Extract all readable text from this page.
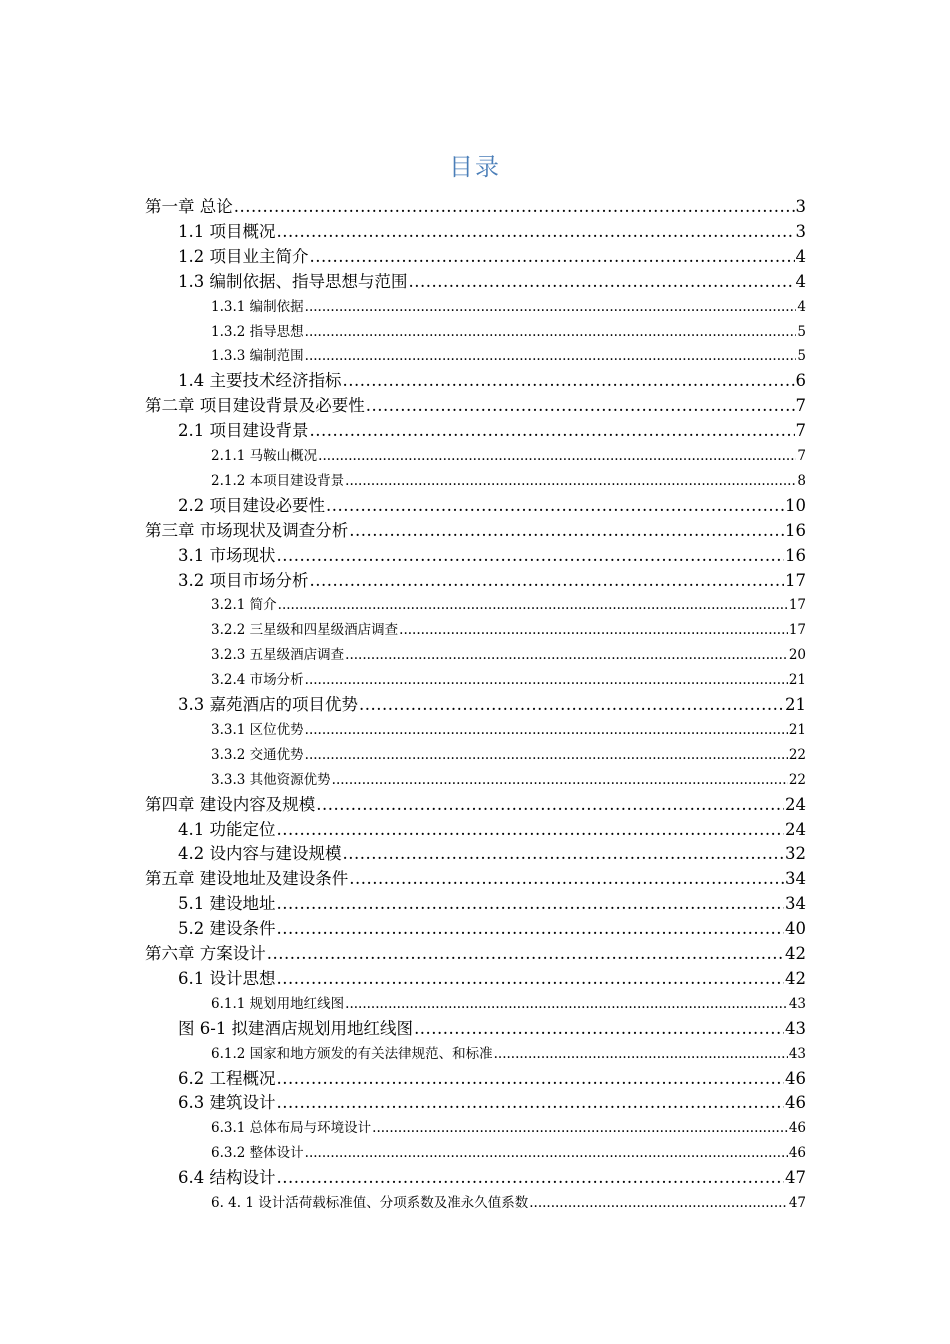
目录
第一章 总论 .....	3
1.1 项目概况 .....	3
1.2 项目业主简介 .....	4
1.3 编制依据、指导思想与范围 .....	4
1.3.1 编制依据 .....	4
1.3.2 指导思想 .....	5
1.3.3 编制范围 .....	5
1.4 主要技术经济指标 .....	6
第二章 项目建设背景及必要性 .....	7
2.1 项目建设背景 .....	7
2.1.1 马鞍山概况 .....	7
2.1.2 本项目建设背景 .....	8
2.2 项目建设必要性 .....	10
第三章 市场现状及调查分析 .....	16
3.1 市场现状 .....	16
3.2 项目市场分析 .....	17
3.2.1 简介 .....	17
3.2.2 三星级和四星级酒店调查 .....	17
3.2.3 五星级酒店调查 .....	20
3.2.4 市场分析 .....	21
3.3 嘉苑酒店的项目优势 .....	21
3.3.1 区位优势 .....	21
3.3.2 交通优势 .....	22
3.3.3 其他资源优势 .....	22
第四章 建设内容及规模 .....	24
4.1 功能定位 .....	24
4.2 设内容与建设规模 .....	32
第五章 建设地址及建设条件 .....	34
5.1 建设地址 .....	34
5.2 建设条件 .....	40
第六章 方案设计 .....	42
6.1 设计思想 .....	42
6.1.1 规划用地红线图 .....	43
图 6-1 拟建酒店规划用地红线图 .....	43
6.1.2 国家和地方颁发的有关法律规范、和标准 .....	43
6.2 工程概况 .....	46
6.3 建筑设计 .....	46
6.3.1 总体布局与环境设计 .....	46
6.3.2 整体设计 .....	46
6.4 结构设计 .....	47
6. 4. 1 设计活荷载标准值、分项系数及准永久值系数 .....	47
